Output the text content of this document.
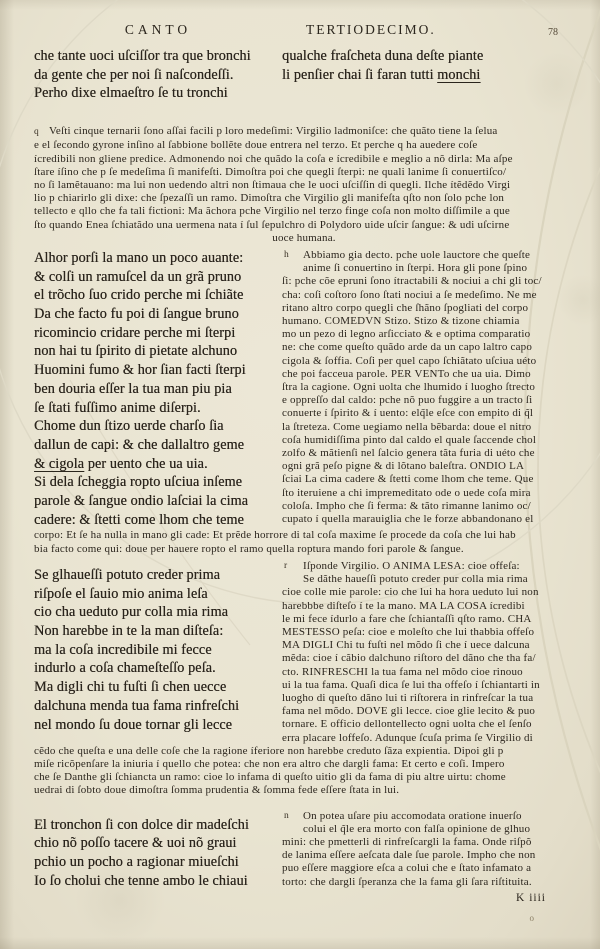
CANTO	TERTIODECIMO.	78
che tante uoci uſciſſor tra que bronchi
da gente che per noi ſi naſcondeſſi.
Perho dixe elmaeſtro ſe tu tronchi
qualche fraſcheta duna deſte piante
li penſier chai ſi faran tutti monchi
q Veſti cinque ternarii ſono aſſai facili p loro medeſimi: Virgilio ladmoniſce: che quãto tiene la ſelua
e el ſecondo gyrone inſino al ſabbione bollẽte doue entrera nel terzo. Et perche q ha auedere coſe
ícredibili non gliene predice. Admonendo noi che quãdo la coſa e ícredibile e meglio a nõ dirla: Ma aſpe
ſtare íſino che p ſe medeſima ſi manifeſti. Dimoſtra poi che quegli ſterpi: ne quali lanime ſi conuertiſco/
no ſi lamẽtauano: ma lui non uedendo altri non ſtimaua che le uoci uſciſſin di quegli. Ilche ítẽdẽdo Virgi
lio p chiarirlo gli dixe: che ſpezaſſi un ramo. Dimoſtra che Virgilio gli manifeſta qſto non ſolo pche lon
tellecto e qllo che fa tali fictioni: Ma ãchora pche Virgilio nel terzo finge coſa non molto diſſimile a que
ſto quando Enea ſchiatãdo una uermena nata í ſul ſepulchro di Polydoro uide uſcir ſangue: & udi uſcirne
uoce humana.
Alhor porſi la mano un poco auante:
& colſi un ramuſcel da un grã pruno
el trõcho ſuo crido perche mi ſchiãte
Da che facto fu poi di ſangue bruno
ricomincio cridare perche mi ſterpi
non hai tu ſpirito di pietate alchuno
Huomini fumo & hor ſian facti ſterpi
ben douria eſſer la tua man piu pia
ſe ſtati fuſſimo anime diſerpi.
Chome dun ſtizo uerde charſo ſia
dallun de capi: & che dallaltro geme
& cigola per uento che ua uia.
Si dela ſcheggia ropto uſciua inſeme
parole & ſangue ondio laſciai la cima
cadere: & ſtetti come lhom che teme
h Abbiamo gia decto. pche uole lauctore che queſte
anime ſi conuertino in ſterpi. Hora gli pone ſpino
ſi: pche cõe epruni ſono ítractabili & nociui a chi gli toc/
cha: coſi coſtoro ſono ſtati nociui a ſe medeſimo. Ne me
ritano altro corpo quegli che ſhãno ſpogliati del corpo
humano. COMEDVN Stizo. Stizo & tizone chiamia
mo un pezo di legno arſicciato & e optima comparatio
ne: che come queſto quãdo arde da un capo laltro capo
cigola & ſoffia. Coſi per quel capo ſchiãtato uſciua uéto
che poi facceua parole. PER VENTo che ua uia. Dimo
ſtra la cagione. Ogni uolta che lhumido í luogho ſtrecto
e oppreſſo dal caldo: pche nõ puo fuggire a un tracto ſi
conuerte í ſpirito & í uento: elq̃le eſce con empito di q̃l
la ſtreteza. Come uegiamo nella bẽbarda: doue el nitro
coſa humidiſſima pinto dal caldo el quale ſaccende chol
zolfo & mãtienſi nel ſalcio genera tãta furia di uéto che
ogni grã peſo pigne & di lõtano baleſtra. ONDIO LA
ſciai La cima cadere & ſtetti come lhom che teme. Que
ſto iteruiene a chi impremeditato ode o uede coſa mira
coloſa. Impho che ſi ferma: & tãto rimanne lanimo oc/
cupato í quella marauiglia che le forze abbandonano el
corpo: Et ſe ha nulla in mano gli cade: Et prẽde horrore di tal coſa maxime ſe procede da coſa che lui hab
bia facto come qui: doue per hauere ropto el ramo quella roptura mando fori parole & ſangue.
Se glhaueſſi potuto creder prima
riſpoſe el ſauio mio anima leſa
cio cha ueduto pur colla mia rima
Non harebbe in te la man diſteſa:
ma la coſa incredibile mi fecce
indurlo a coſa chameſteſſo peſa.
Ma digli chi tu fuſti ſi chen uecce
dalchuna menda tua fama rinfreſchi
nel mondo ſu doue tornar gli lecce
r Iſponde Virgilio. O ANIMA LESA: cioe offeſa:
Se dãthe haueſſi potuto creder pur colla mia rima
cioe colle mie parole: cio che lui ha hora ueduto lui non
harebbbe diſteſo í te la mano. MA LA COSA ícredibi
le mi fece ídurlo a fare che ſchiantaſſi qſto ramo. CHA
MESTESSO peſa: cioe e moleſto che lui thabbia offeſo
MA DIGLI Chi tu fuſti nel mõdo ſi che í uece dalcuna
mẽda: cioe í cãbio dalchuno riſtoro del dãno che tha fa/
cto. RINFRESCHI la tua fama nel mõdo cioe rinouo
ui la tua fama. Quaſi dica ſe lui tha offeſo í ſchiantarti in
luogho di queſto dãno lui ti riſtorera in rinfreſcar la tua
fama nel mõdo. DOVE gli lecce. cioe glie lecito & puo
tornare. E officio dellontellecto ogni uolta che el ſenſo
erra placare loffeſo. Adunque ſcuſa prima ſe Virgilio di
cẽdo che queſta e una delle coſe che la ragione íferiore non harebbe creduto ſãza expientia. Dipoi gli p
miſe ricõpenſare la iniuria í quello che potea: che non era altro che dargli fama: Et certo e coſi. Impero
che ſe Danthe gli ſchiancta un ramo: cioe lo infama di queſto uitio gli da fama di piu altre uirtu: chome
uedrai di ſobto doue dimoſtra ſomma prudentia & ſomma fede eſſere ſtata in lui.
El tronchon ſi con dolce dir madeſchi
chio nõ poſſo tacere & uoi nõ graui
pchio un pocho a ragionar miueſchi
Io ſo cholui che tenne ambo le chiaui
n On potea uſare piu accomodata oratione inuerſo
colui el q̃le era morto con falſa opinione de glhuo
mini: che pmetterli di rinfreſcargli la fama. Onde riſpõ
de lanima eſſere aeſcata dale ſue parole. Impho che non
puo eſſere maggiore eſca a colui che e ſtato infamato a
torto: che dargli ſperanza che la fama gli ſara riſtituita.
K iiii
o
